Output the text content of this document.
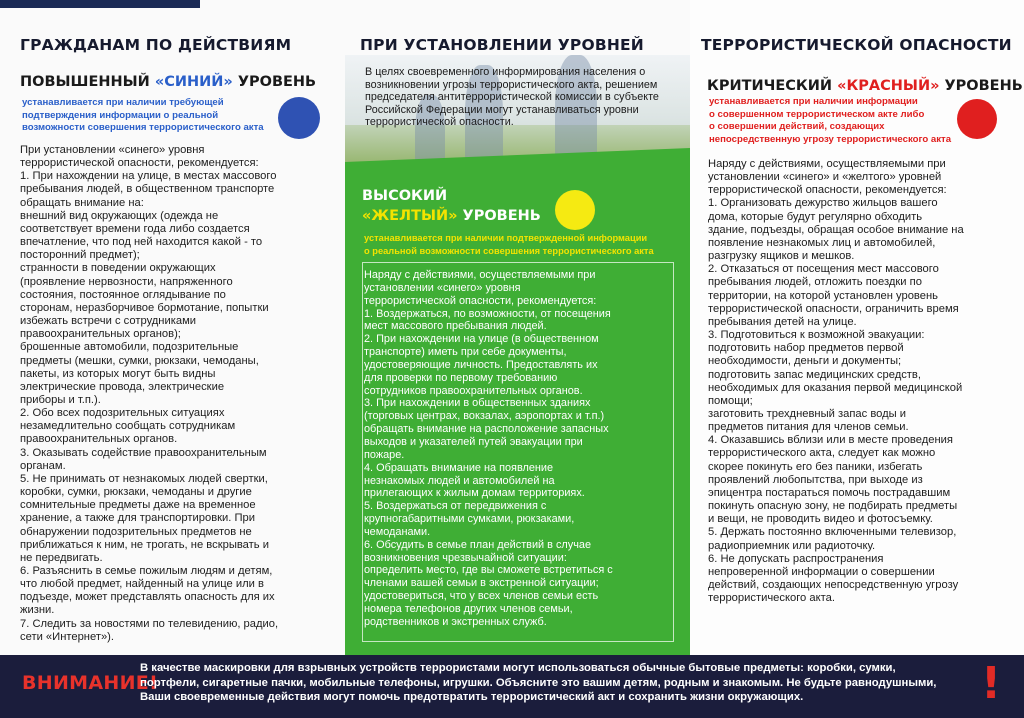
ГРАЖДАНАМ ПО ДЕЙСТВИЯМ	ПРИ УСТАНОВЛЕНИИ УРОВНЕЙ	ТЕРРОРИСТИЧЕСКОЙ ОПАСНОСТИ
В целях своевременного информирования населения о
возникновении угрозы террористического акта, решением
председателя антитеррористической комиссии в субъекте
Российской Федерации могут устанавливаться уровни
террористической опасности.
ПОВЫШЕННЫЙ «СИНИЙ» УРОВЕНЬ
устанавливается при наличии требующей
подтверждения информации о реальной
возможности совершения террористического акта
При установлении «синего» уровня
террористической опасности, рекомендуется:
1. При нахождении на улице, в местах массового
пребывания людей, в общественном транспорте
обращать внимание на:
внешний вид окружающих (одежда не
соответствует времени года либо создается
впечатление, что под ней находится какой - то
посторонний предмет);
странности в поведении окружающих
(проявление нервозности, напряженного
состояния, постоянное оглядывание по
сторонам, неразборчивое бормотание, попытки
избежать встречи с сотрудниками
правоохранительных органов);
брошенные автомобили, подозрительные
предметы (мешки, сумки, рюкзаки, чемоданы,
пакеты, из которых могут быть видны
электрические провода, электрические
приборы и т.п.).
2. Обо всех подозрительных ситуациях
незамедлительно сообщать сотрудникам
правоохранительных органов.
3. Оказывать содействие правоохранительным
органам.
5. Не принимать от незнакомых людей свертки,
коробки, сумки, рюкзаки, чемоданы и другие
сомнительные предметы даже на временное
хранение, а также для транспортировки. При
обнаружении подозрительных предметов не
приближаться к ним, не трогать, не вскрывать и
не передвигать.
6. Разъяснить в семье пожилым людям и детям,
что любой предмет, найденный на улице или в
подъезде, может представлять опасность для их
жизни.
7. Следить за новостями по телевидению, радио,
сети «Интернет»).
ВЫСОКИЙ
«ЖЕЛТЫЙ» УРОВЕНЬ
устанавливается при наличии подтвержденной информации
о реальной возможности совершения террористического акта
Наряду с действиями, осуществляемыми при
установлении «синего» уровня
террористической опасности, рекомендуется:
1. Воздержаться, по возможности, от посещения
мест массового пребывания людей.
2. При нахождении на улице (в общественном
транспорте) иметь при себе документы,
удостоверяющие личность. Предоставлять их
для проверки по первому требованию
сотрудников правоохранительных органов.
3. При нахождении в общественных зданиях
(торговых центрах, вокзалах, аэропортах и т.п.)
обращать внимание на расположение запасных
выходов и указателей путей эвакуации при
пожаре.
4. Обращать внимание на появление
незнакомых людей и автомобилей на
прилегающих к жилым домам территориях.
5. Воздержаться от передвижения с
крупногабаритными сумками, рюкзаками,
чемоданами.
6. Обсудить в семье план действий в случае
возникновения чрезвычайной ситуации:
определить место, где вы сможете встретиться с
членами вашей семьи в экстренной ситуации;
удостовериться, что у всех членов семьи есть
номера телефонов других членов семьи,
родственников и экстренных служб.
КРИТИЧЕСКИЙ «КРАСНЫЙ» УРОВЕНЬ
устанавливается при наличии информации
о совершенном террористическом акте либо
о совершении действий, создающих
непосредственную угрозу террористического акта
Наряду с действиями, осуществляемыми при
установлении «синего» и «желтого» уровней
террористической опасности, рекомендуется:
1. Организовать дежурство жильцов вашего
дома, которые будут регулярно обходить
здание, подъезды, обращая особое внимание на
появление незнакомых лиц и автомобилей,
разгрузку ящиков и мешков.
2. Отказаться от посещения мест массового
пребывания людей, отложить поездки по
территории, на которой установлен уровень
террористической опасности, ограничить время
пребывания детей на улице.
3. Подготовиться к возможной эвакуации:
подготовить набор предметов первой
необходимости, деньги и документы;
подготовить запас медицинских средств,
необходимых для оказания первой медицинской
помощи;
заготовить трехдневный запас воды и
предметов питания для членов семьи.
4. Оказавшись вблизи или в месте проведения
террористического акта, следует как можно
скорее покинуть его без паники, избегать
проявлений любопытства, при выходе из
эпицентра постараться помочь пострадавшим
покинуть опасную зону, не подбирать предметы
и вещи, не проводить видео и фотосъемку.
5. Держать постоянно включенными телевизор,
радиоприемник или радиоточку.
6. Не допускать распространения
непроверенной информации о совершении
действий, создающих непосредственную угрозу
террористического акта.
ВНИМАНИЕ!
В качестве маскировки для взрывных устройств террористами могут использоваться обычные бытовые предметы: коробки, сумки,
портфели, сигаретные пачки, мобильные телефоны, игрушки. Объясните это вашим детям, родным и знакомым. Не будьте равнодушными,
Ваши своевременные действия могут помочь предотвратить террористический акт и сохранить жизни окружающих.	!
